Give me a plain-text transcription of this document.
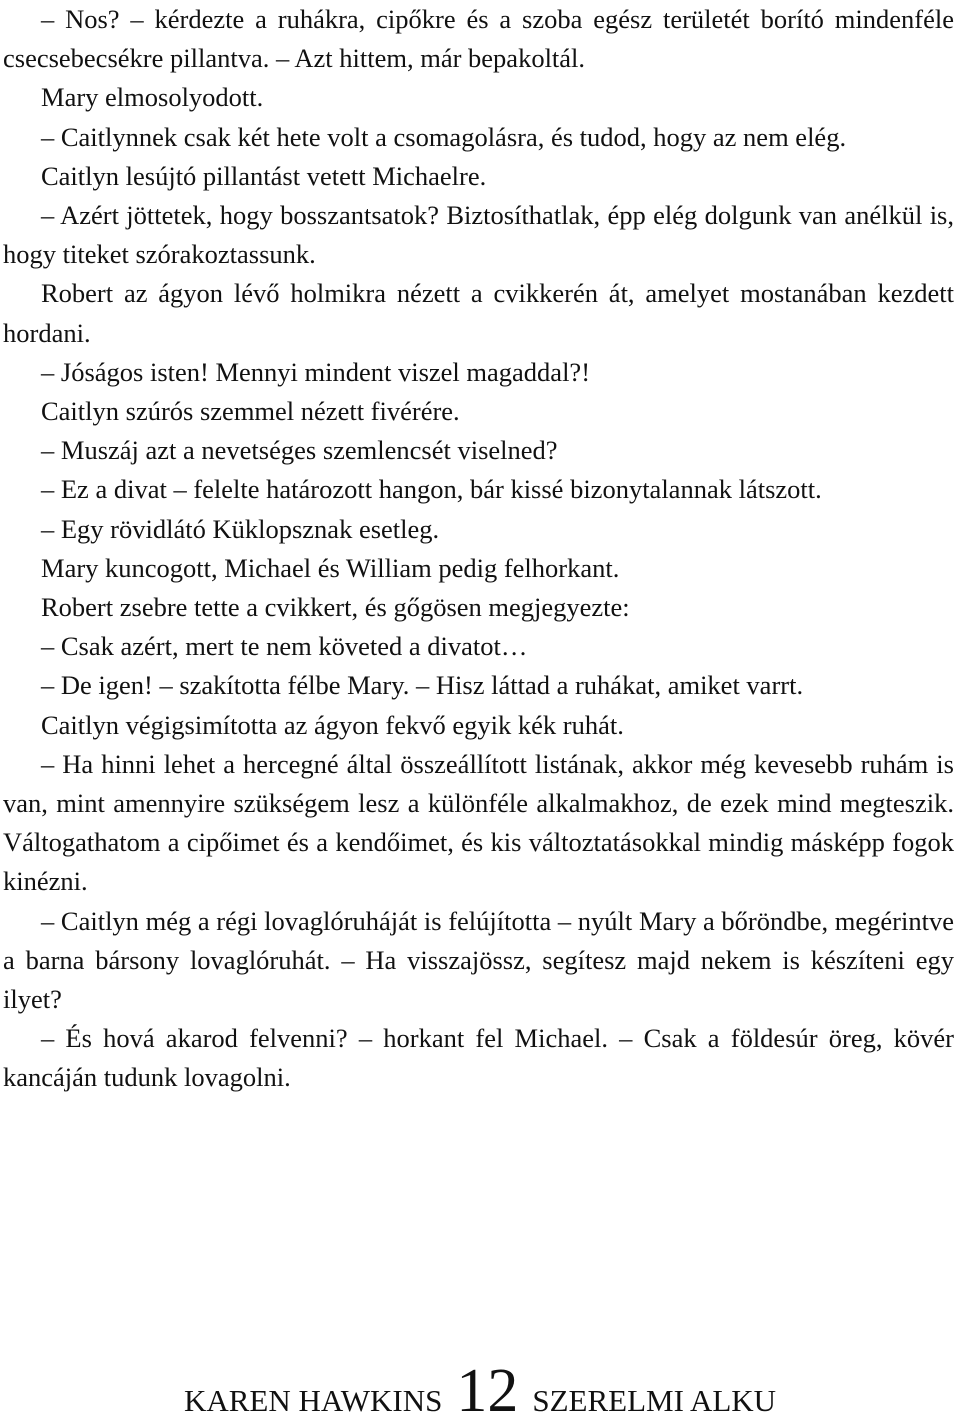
– Nos? – kérdezte a ruhákra, cipőkre és a szoba egész területét borító mindenféle csecsebecsékre pillantva. – Azt hittem, már bepakoltál.

Mary elmosolyodott.

– Caitlynnek csak két hete volt a csomagolásra, és tudod, hogy az nem elég.

Caitlyn lesújtó pillantást vetett Michaelre.

– Azért jöttetek, hogy bosszantsatok? Biztosíthatlak, épp elég dolgunk van anélkül is, hogy titeket szórakoztassunk.

Robert az ágyon lévő holmikra nézett a cvikkerén át, amelyet mostanában kezdett hordani.

– Jóságos isten! Mennyi mindent viszel magaddal?!

Caitlyn szúrós szemmel nézett fivérére.

– Muszáj azt a nevetséges szemlencsét viselned?

– Ez a divat – felelte határozott hangon, bár kissé bizonytalannak látszott.

– Egy rövidlátó Küklopsznak esetleg.

Mary kuncogott, Michael és William pedig felhorkant.

Robert zsebre tette a cvikkert, és gőgösen megjegyezte:

– Csak azért, mert te nem követed a divatot…

– De igen! – szakította félbe Mary. – Hisz láttad a ruhákat, amiket varrt.

Caitlyn végigsimította az ágyon fekvő egyik kék ruhát.

– Ha hinni lehet a hercegné által összeállított listának, akkor még kevesebb ruhám is van, mint amennyire szükségem lesz a különféle alkalmakhoz, de ezek mind megteszik. Váltogathatom a cipőimet és a kendőimet, és kis változtatásokkal mindig másképp fogok kinézni.

– Caitlyn még a régi lovaglóruháját is felújította – nyúlt Mary a bőröndbe, megérintve a barna bársony lovaglóruhát. – Ha visszajössz, segítesz majd nekem is készíteni egy ilyet?

– És hová akarod felvenni? – horkant fel Michael. – Csak a földesúr öreg, kövér kancáján tudunk lovagolni.

KAREN HAWKINS 12 SZERELMI ALKU
